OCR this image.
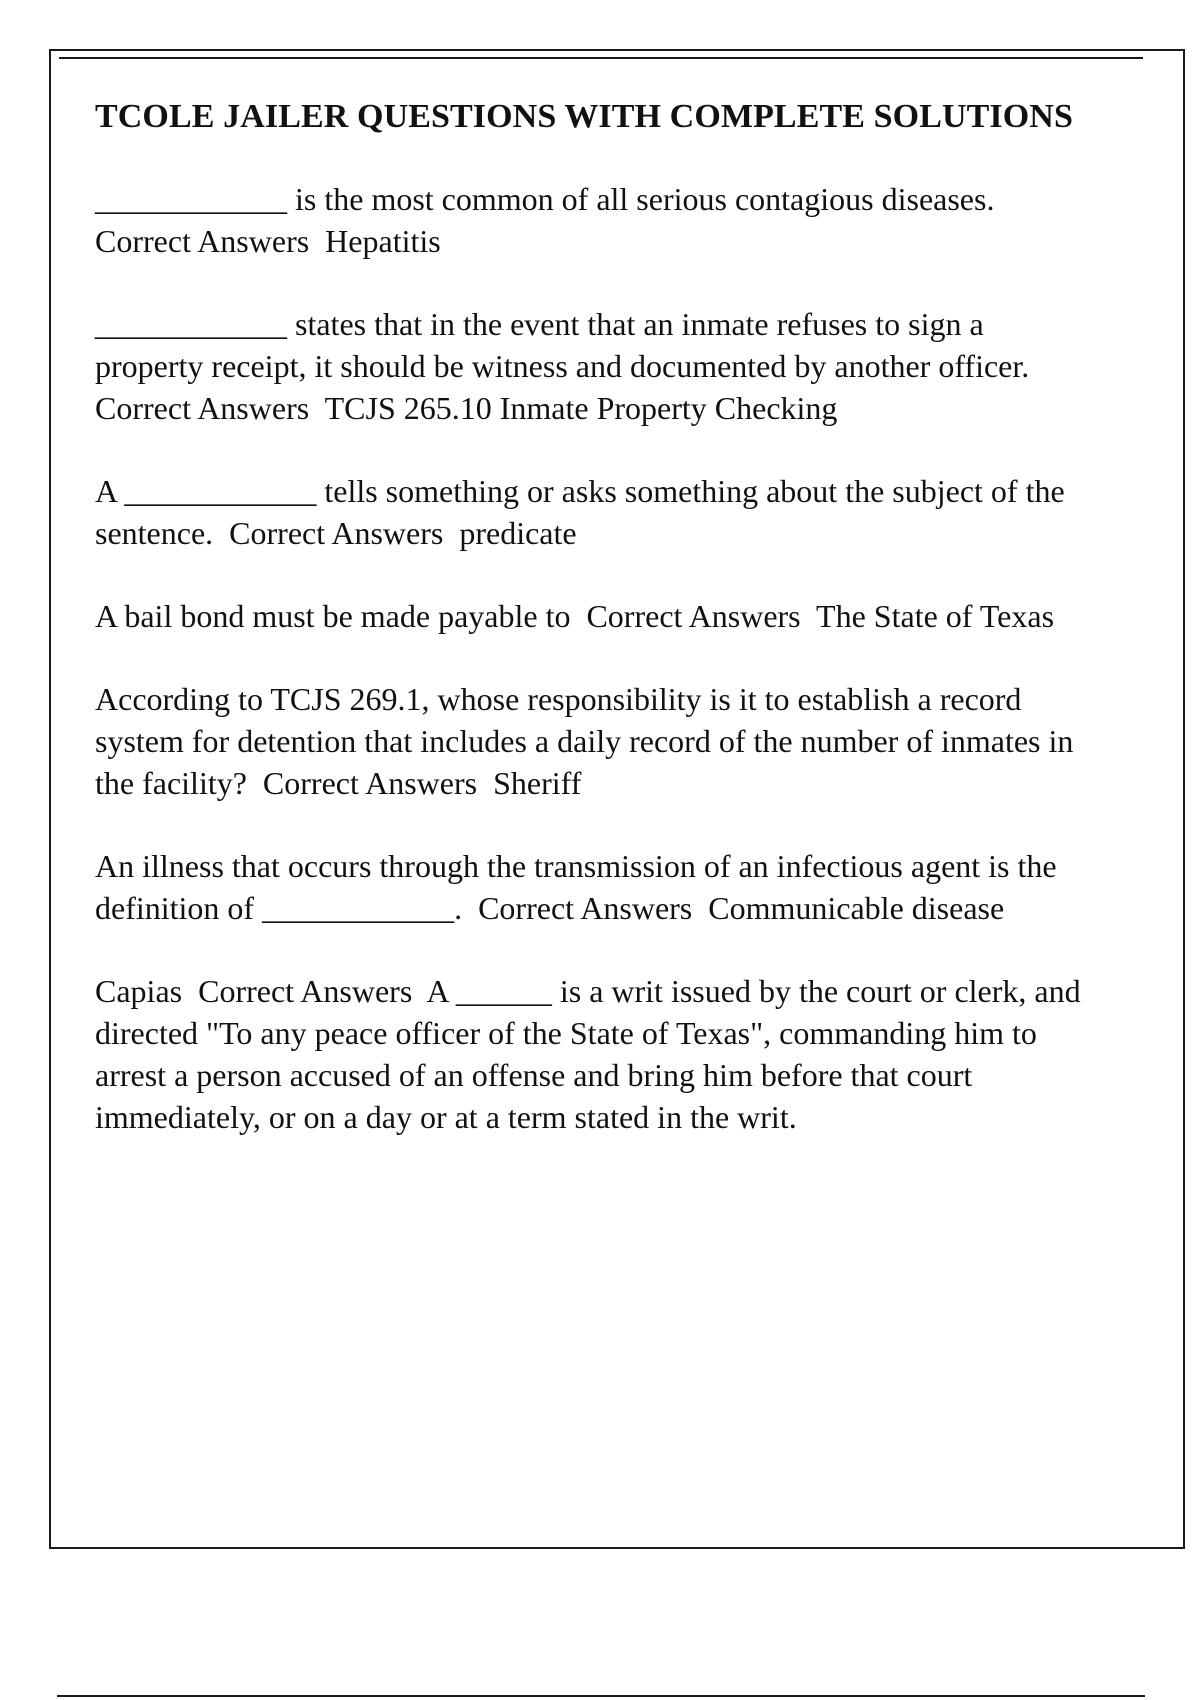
TCOLE JAILER QUESTIONS WITH COMPLETE SOLUTIONS

____________ is the most common of all serious contagious diseases.  Correct Answers  Hepatitis

____________ states that in the event that an inmate refuses to sign a property receipt, it should be witness and documented by another officer.  Correct Answers  TCJS 265.10 Inmate Property Checking

A ____________ tells something or asks something about the subject of the sentence.  Correct Answers  predicate

A bail bond must be made payable to  Correct Answers  The State of Texas

According to TCJS 269.1, whose responsibility is it to establish a record system for detention that includes a daily record of the number of inmates in the facility?  Correct Answers  Sheriff

An illness that occurs through the transmission of an infectious agent is the definition of ____________.  Correct Answers  Communicable disease

Capias  Correct Answers  A ______ is a writ issued by the court or clerk, and directed "To any peace officer of the State of Texas", commanding him to arrest a person accused of an offense and bring him before that court immediately, or on a day or at a term stated in the writ.
